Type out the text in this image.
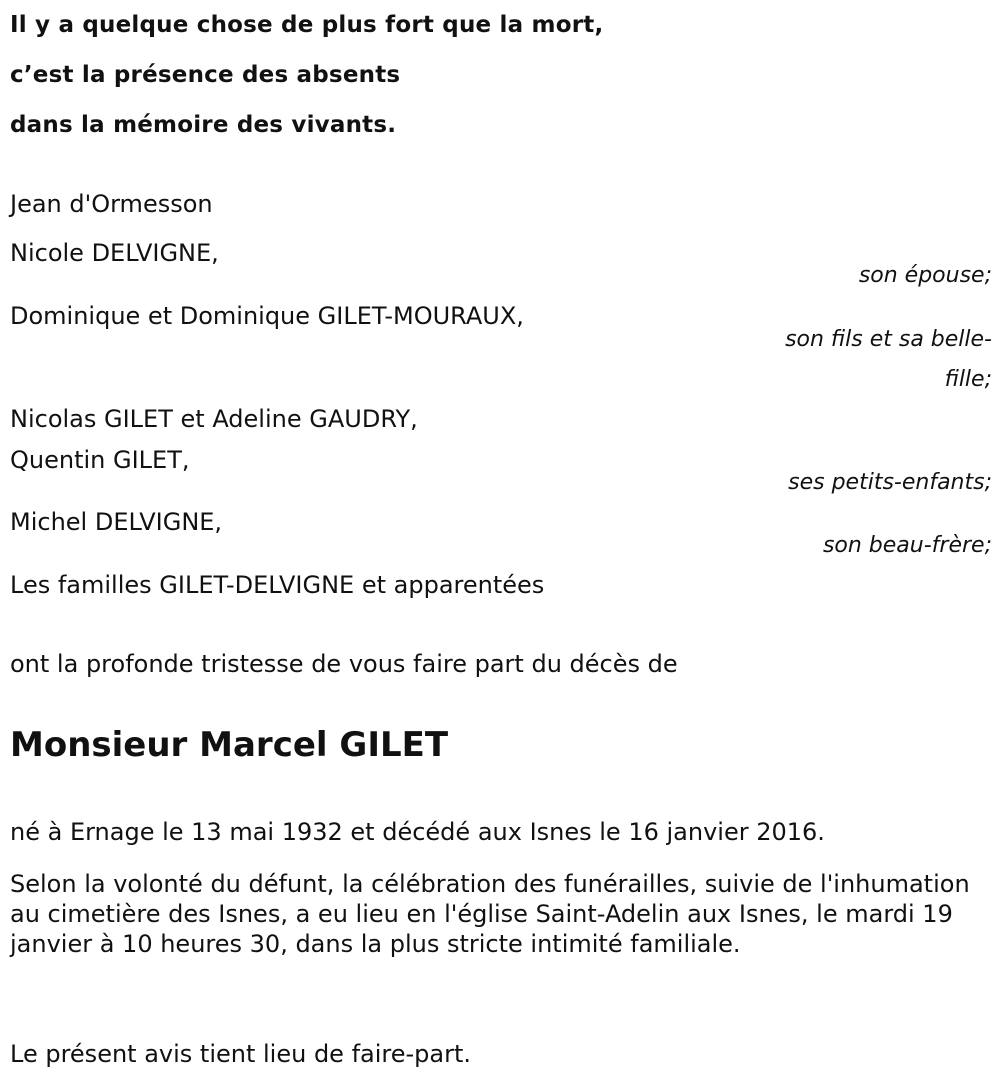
Il y a quelque chose de plus fort que la mort,
c’est la présence des absents
dans la mémoire des vivants.
Jean d'Ormesson
Nicole DELVIGNE,
son épouse;
Dominique et Dominique GILET-MOURAUX,
son fils et sa belle-
fille;
Nicolas GILET et Adeline GAUDRY,
Quentin GILET,
ses petits-enfants;
Michel DELVIGNE,
son beau-frère;
Les familles GILET-DELVIGNE et apparentées
ont la profonde tristesse de vous faire part du décès de
Monsieur Marcel GILET
né à Ernage le 13 mai 1932 et décédé aux Isnes le 16 janvier 2016.
Selon la volonté du défunt, la célébration des funérailles, suivie de l'inhumation au cimetière des Isnes, a eu lieu en l'église Saint-Adelin aux Isnes, le mardi 19 janvier à 10 heures 30, dans la plus stricte intimité familiale.
Le présent avis tient lieu de faire-part.
